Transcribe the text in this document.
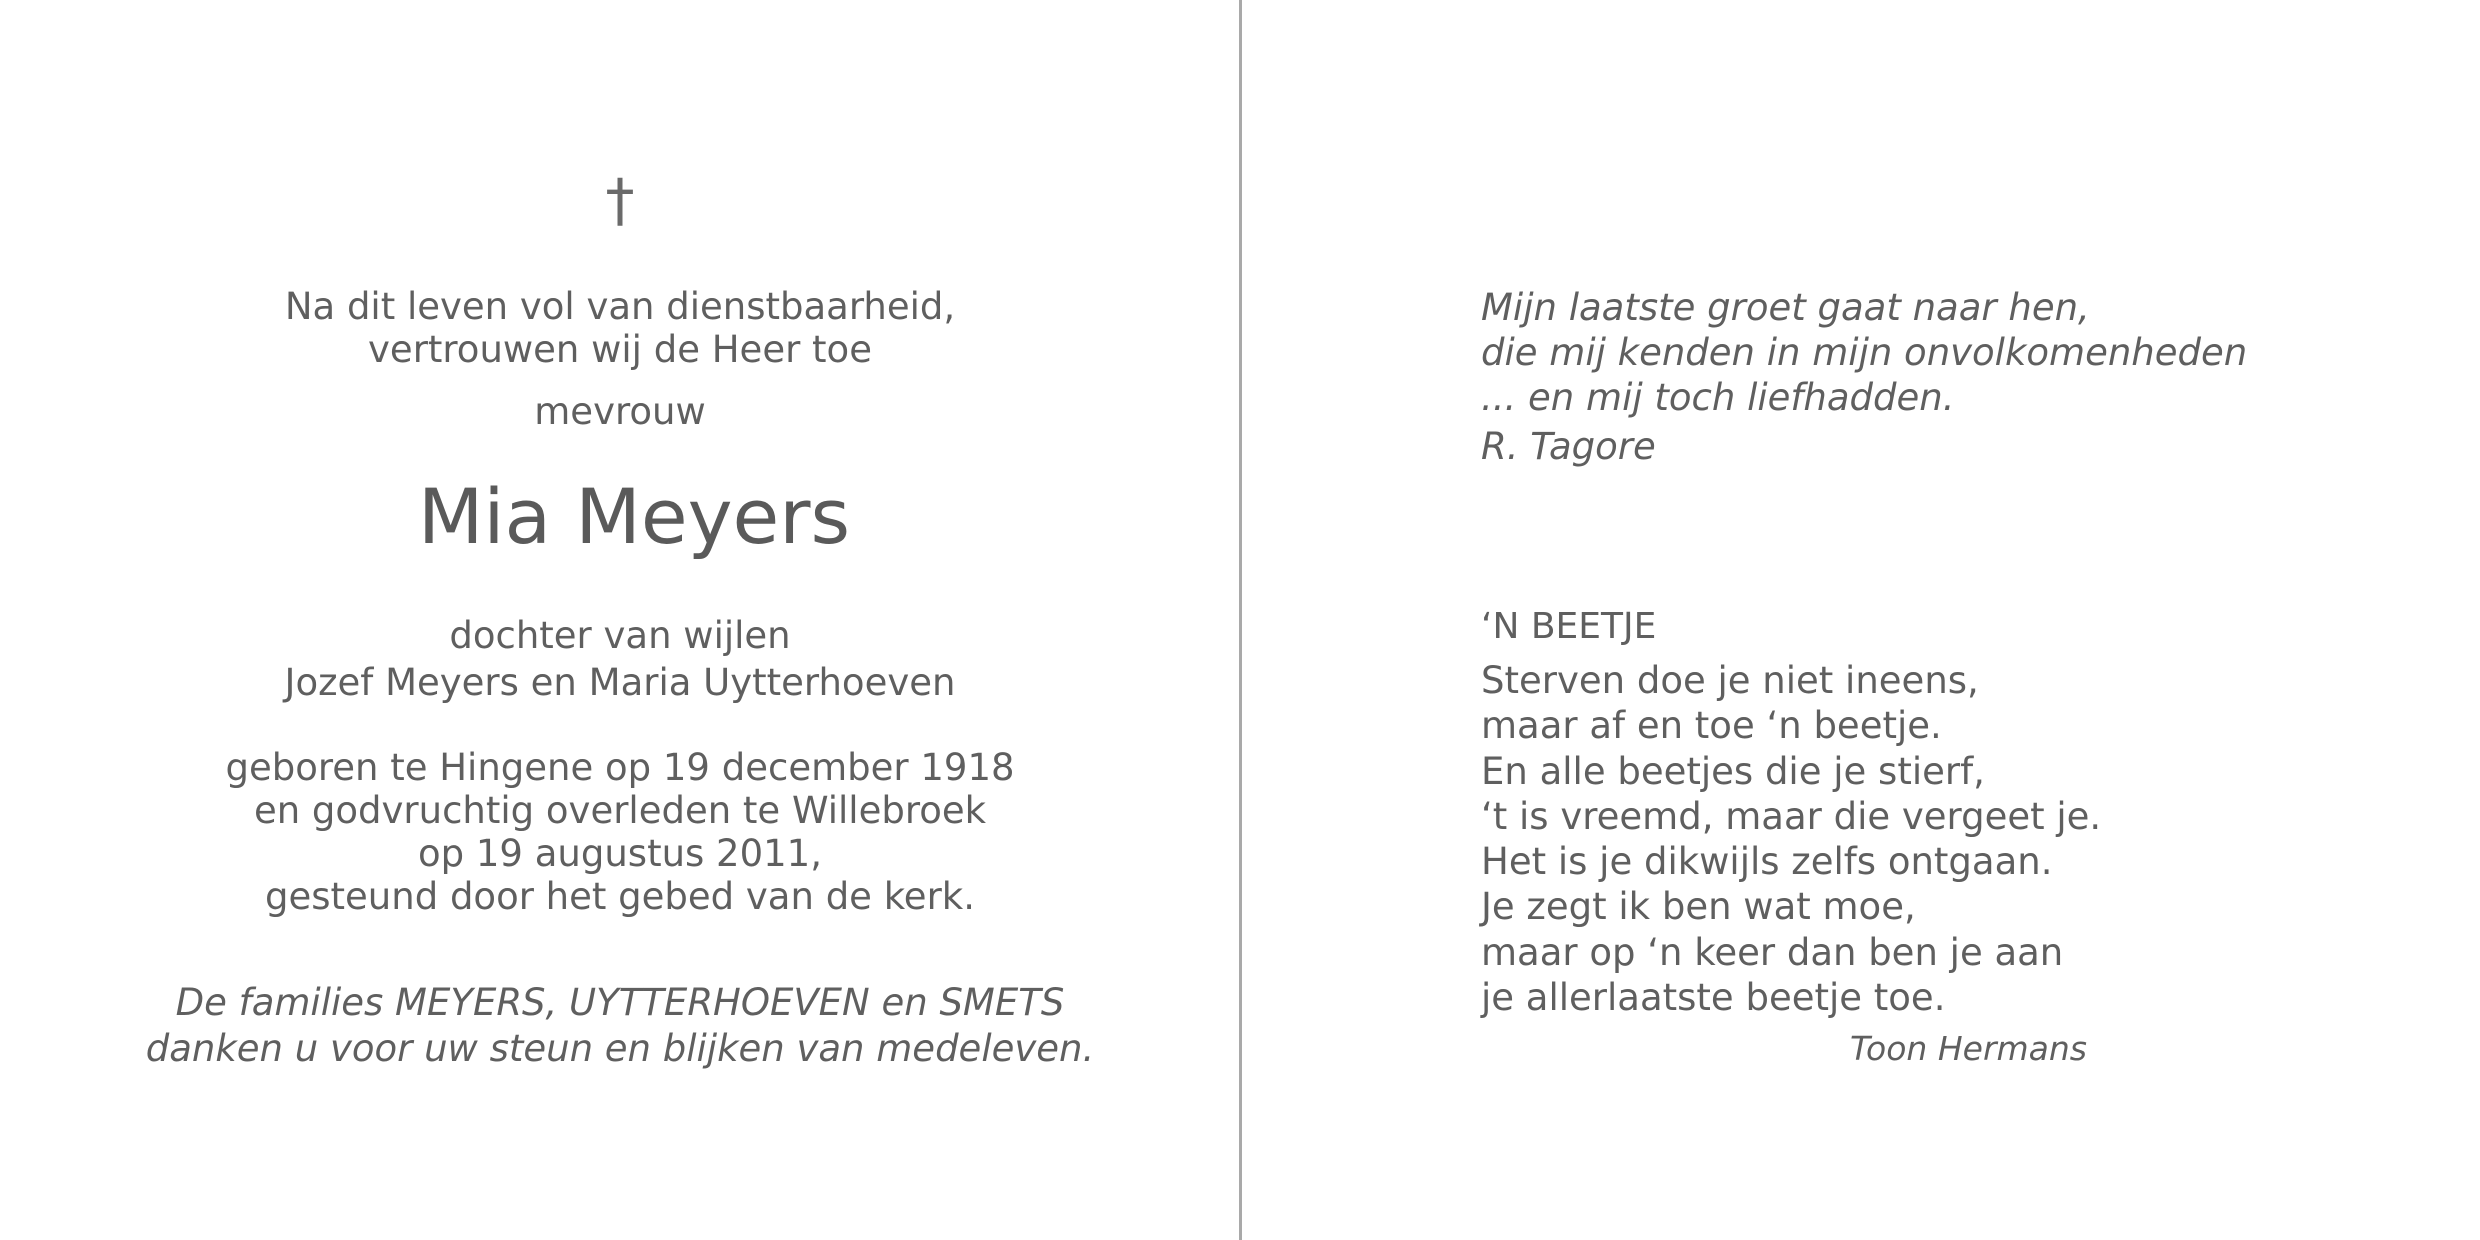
†
Na dit leven vol van dienstbaarheid,
vertrouwen wij de Heer toe
mevrouw
Mia Meyers
dochter van wijlen
Jozef Meyers en Maria Uytterhoeven
geboren te Hingene op 19 december 1918
en godvruchtig overleden te Willebroek
op 19 augustus 2011,
gesteund door het gebed van de kerk.
De families MEYERS, UYTTERHOEVEN en SMETS
danken u voor uw steun en blijken van medeleven.
Mijn laatste groet gaat naar hen,
die mij kenden in mijn onvolkomenheden
... en mij toch liefhadden.
R. Tagore
‘N BEETJE
Sterven doe je niet ineens,
maar af en toe ‘n beetje.
En alle beetjes die je stierf,
‘t is vreemd, maar die vergeet je.
Het is je dikwijls zelfs ontgaan.
Je zegt ik ben wat moe,
maar op ‘n keer dan ben je aan
je allerlaatste beetje toe.
Toon Hermans
